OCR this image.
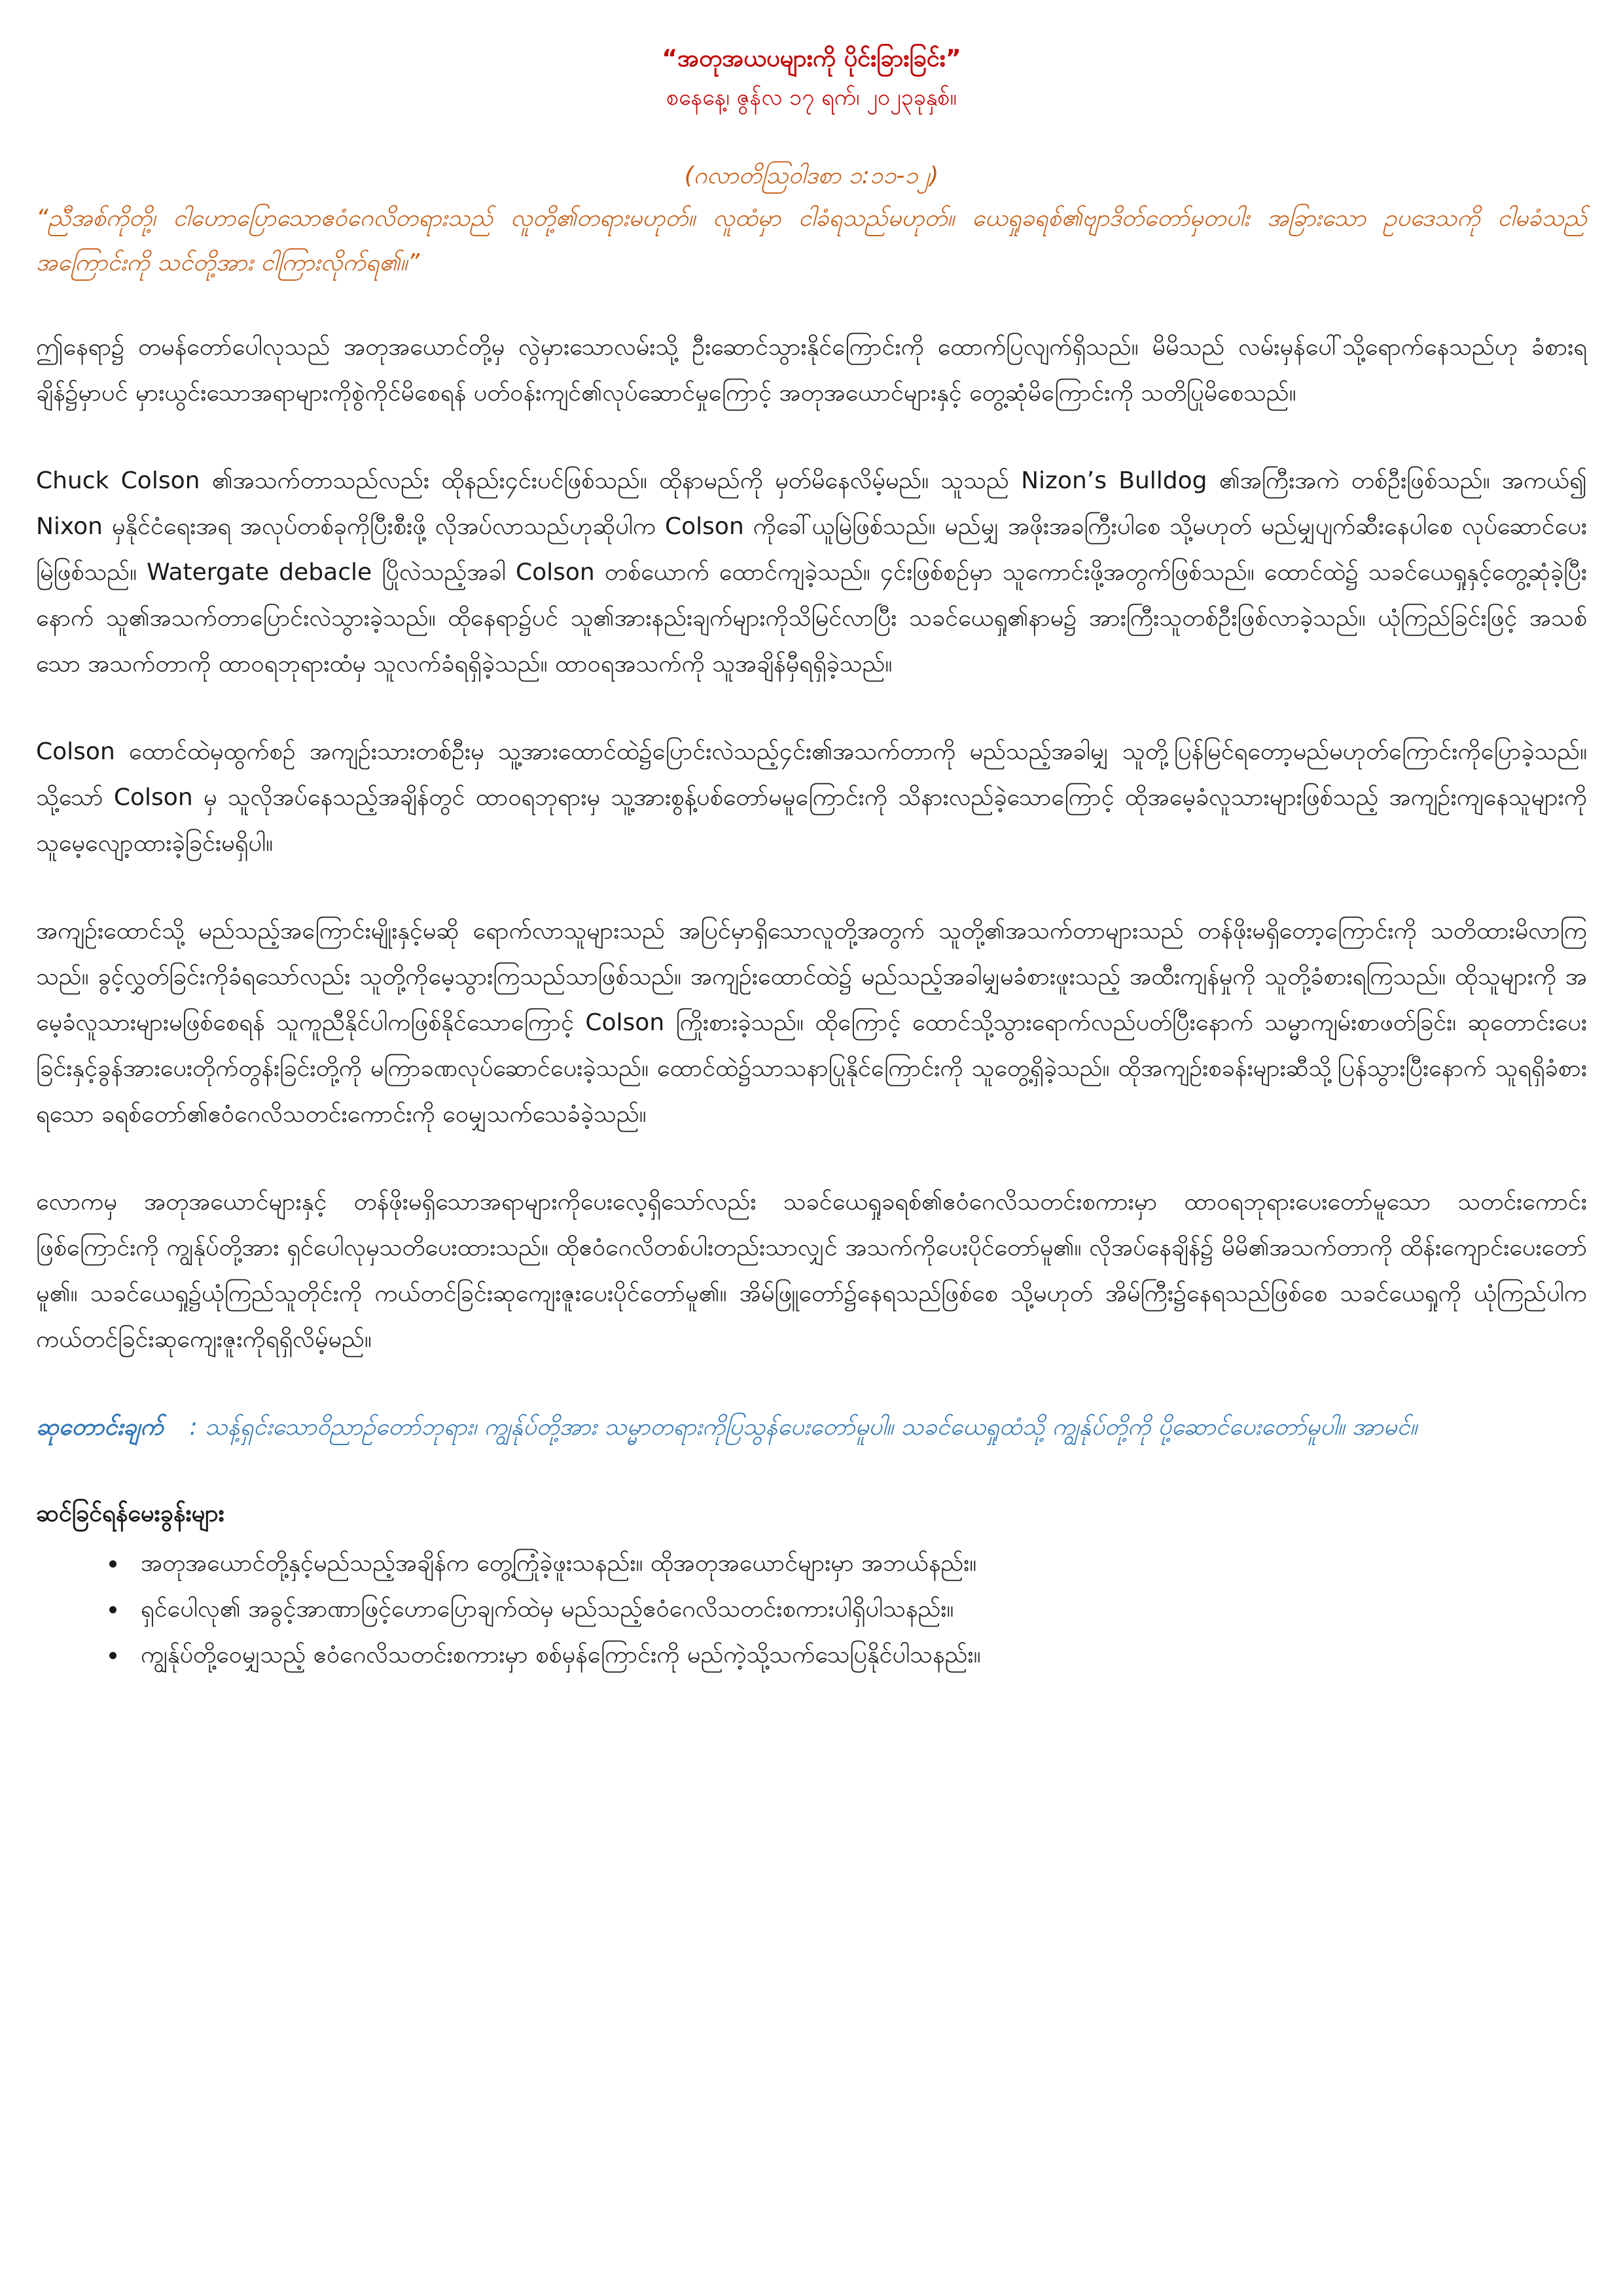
“အတုအယပများကို ပိုင်းခြားခြင်း”

စနေနေ့၊ ဇွန်လ ၁၇ ရက်၊ ၂၀၂၃ခုနှစ်။

(ဂလာတိဩဝါဒစာ ၁:၁၁-၁၂)

“ညီအစ်ကိုတို့၊ ငါဟောပြောသောဧဝံဂေလိတရားသည် လူတို့၏တရားမဟုတ်။ လူထံမှာ ငါခံရသည်မဟုတ်။ ယေရှုခရစ်၏ဗျာဒိတ်တော်မှတပါး အခြားသော ဥပဒေသကို ငါမခံသည်အကြောင်းကို သင်တို့အား ငါကြားလိုက်ရ၏။”

ဤနေရာ၌ တမန်တော်ပေါလုသည် အတုအယောင်တို့မှ လွဲမှားသောလမ်းသို့ ဦးဆောင်သွားနိုင်ကြောင်းကို ထောက်ပြလျက်ရှိသည်။ မိမိသည် လမ်းမှန်ပေါ်သို့ရောက်နေသည်ဟု ခံစားရချိန်၌မှာပင် မှားယွင်းသောအရာများကိုစွဲကိုင်မိစေရန် ပတ်ဝန်းကျင်၏လုပ်ဆောင်မှုကြောင့် အတုအယောင်များနှင့် တွေ့ဆုံမိကြောင်းကို သတိပြုမိစေသည်။

Chuck Colson ၏အသက်တာသည်လည်း ထိုနည်း၄င်းပင်ဖြစ်သည်။ ထိုနာမည်ကို မှတ်မိနေလိမ့်မည်။ သူသည် Nizon’s Bulldog ၏အကြီးအကဲ တစ်ဦးဖြစ်သည်။ အကယ်၍ Nixon မှနိုင်ငံရေးအရ အလုပ်တစ်ခုကိုပြီးစီးဖို့ လိုအပ်လာသည်ဟုဆိုပါက Colson ကိုခေါ်ယူမြဲဖြစ်သည်။ မည်မျှ အဖိုးအခကြီးပါစေ သို့မဟုတ် မည်မျှပျက်ဆီးနေပါစေ လုပ်ဆောင်ပေးမြဲဖြစ်သည်။ Watergate debacle ပြိုလဲသည့်အခါ Colson တစ်ယောက် ထောင်ကျခဲ့သည်။ ၄င်းဖြစ်စဥ်မှာ သူကောင်းဖို့အတွက်ဖြစ်သည်။ ထောင်ထဲ၌ သခင်ယေရှုနှင့်တွေ့ဆုံခဲ့ပြီးနောက် သူ၏အသက်တာပြောင်းလဲသွားခဲ့သည်။ ထိုနေရာ၌ပင် သူ၏အားနည်းချက်များကိုသိမြင်လာပြီး သခင်ယေရှု၏နာမ၌ အားကြီးသူတစ်ဦးဖြစ်လာခဲ့သည်။ ယုံကြည်ခြင်းဖြင့် အသစ်သော အသက်တာကို ထာဝရဘုရားထံမှ သူလက်ခံရရှိခဲ့သည်။ ထာဝရအသက်ကို သူအချိန်မှီရရှိခဲ့သည်။

Colson ထောင်ထဲမှထွက်စဥ် အကျဥ်းသားတစ်ဦးမှ သူ့အားထောင်ထဲ၌ပြောင်းလဲသည့်၄င်း၏အသက်တာကို မည်သည့်အခါမျှ သူတို့ပြန်မြင်ရတော့မည်မဟုတ်ကြောင်းကိုပြောခဲ့သည်။ သို့သော် Colson မှ သူလိုအပ်နေသည့်အချိန်တွင် ထာဝရဘုရားမှ သူ့အားစွန့်ပစ်တော်မမူကြောင်းကို သိနားလည်ခဲ့သောကြောင့် ထိုအမေ့ခံလူသားများဖြစ်သည့် အကျဥ်းကျနေသူများကို သူမေ့လျော့ထားခဲ့ခြင်းမရှိပါ။

အကျဥ်းထောင်သို့ မည်သည့်အကြောင်းမျိုးနှင့်မဆို ရောက်လာသူများသည် အပြင်မှာရှိသောလူတို့အတွက် သူတို့၏အသက်တာများသည် တန်ဖိုးမရှိတော့ကြောင်းကို သတိထားမိလာကြသည်။ ခွင့်လွှတ်ခြင်းကိုခံရသော်လည်း သူတို့ကိုမေ့သွားကြသည်သာဖြစ်သည်။ အကျဥ်းထောင်ထဲ၌ မည်သည့်အခါမျှမခံစားဖူးသည့် အထီးကျန်မှုကို သူတို့ခံစားရကြသည်။ ထိုသူများကို အမေ့ခံလူသားများမဖြစ်စေရန် သူကူညီနိုင်ပါကဖြစ်နိုင်သောကြောင့် Colson ကြိုးစားခဲ့သည်။ ထိုကြောင့် ထောင်သို့သွားရောက်လည်ပတ်ပြီးနောက် သမ္မာကျမ်းစာဖတ်ခြင်း၊ ဆုတောင်းပေးခြင်းနှင့်ခွန်အားပေးတိုက်တွန်းခြင်းတို့ကို မကြာခဏလုပ်ဆောင်ပေးခဲ့သည်။ ထောင်ထဲ၌သာသနာပြုနိုင်ကြောင်းကို သူတွေ့ရှိခဲ့သည်။ ထိုအကျဥ်းစခန်းများဆီသို့ပြန်သွားပြီးနောက် သူရရှိခံစားရသော ခရစ်တော်၏ဧဝံဂေလိသတင်းကောင်းကို ဝေမျှသက်သေခံခဲ့သည်။

လောကမှ အတုအယောင်များနှင့် တန်ဖိုးမရှိသောအရာများကိုပေးလေ့ရှိသော်လည်း သခင်ယေရှုခရစ်၏ဧဝံဂေလိသတင်းစကားမှာ ထာဝရဘုရားပေးတော်မူသော သတင်းကောင်းဖြစ်ကြောင်းကို ကျွန်ုပ်တို့အား ရှင်ပေါလုမှသတိပေးထားသည်။ ထိုဧဝံဂေလိတစ်ပါးတည်းသာလျှင် အသက်ကိုပေးပိုင်တော်မူ၏။ လိုအပ်နေချိန်၌ မိမိ၏အသက်တာကို ထိန်းကျောင်းပေးတော်မူ၏။ သခင်ယေရှု၌ယုံကြည်သူတိုင်းကို ကယ်တင်ခြင်းဆုကျေးဇူးပေးပိုင်တော်မူ၏။ အိမ်ဖြူတော်၌နေရသည်ဖြစ်စေ သို့မဟုတ် အိမ်ကြီး၌နေရသည်ဖြစ်စေ သခင်ယေရှုကို ယုံကြည်ပါက ကယ်တင်ခြင်းဆုကျေးဇူးကိုရရှိလိမ့်မည်။

ဆုတောင်းချက် : သန့်ရှင်းသောဝိညာဉ်တော်ဘုရား၊ ကျွန်ုပ်တို့အား သမ္မာတရားကိုပြသွန်ပေးတော်မူပါ။ သခင်ယေရှုထံသို့ ကျွန်ုပ်တို့ကို ပို့ဆောင်ပေးတော်မူပါ။ အာမင်။

ဆင်ခြင်ရန်မေးခွန်းများ

• အတုအယောင်တို့နှင့်မည်သည့်အချိန်က တွေ့ကြုံခဲ့ဖူးသနည်း။ ထိုအတုအယောင်များမှာ အဘယ်နည်း။
• ရှင်ပေါလု၏ အခွင့်အာဏာဖြင့်ဟောပြောချက်ထဲမှ မည်သည့်ဧဝံဂေလိသတင်းစကားပါရှိပါသနည်း။
• ကျွန်ုပ်တို့ဝေမျှသည့် ဧဝံဂေလိသတင်းစကားမှာ စစ်မှန်ကြောင်းကို မည်ကဲ့သို့သက်သေပြနိုင်ပါသနည်း။
